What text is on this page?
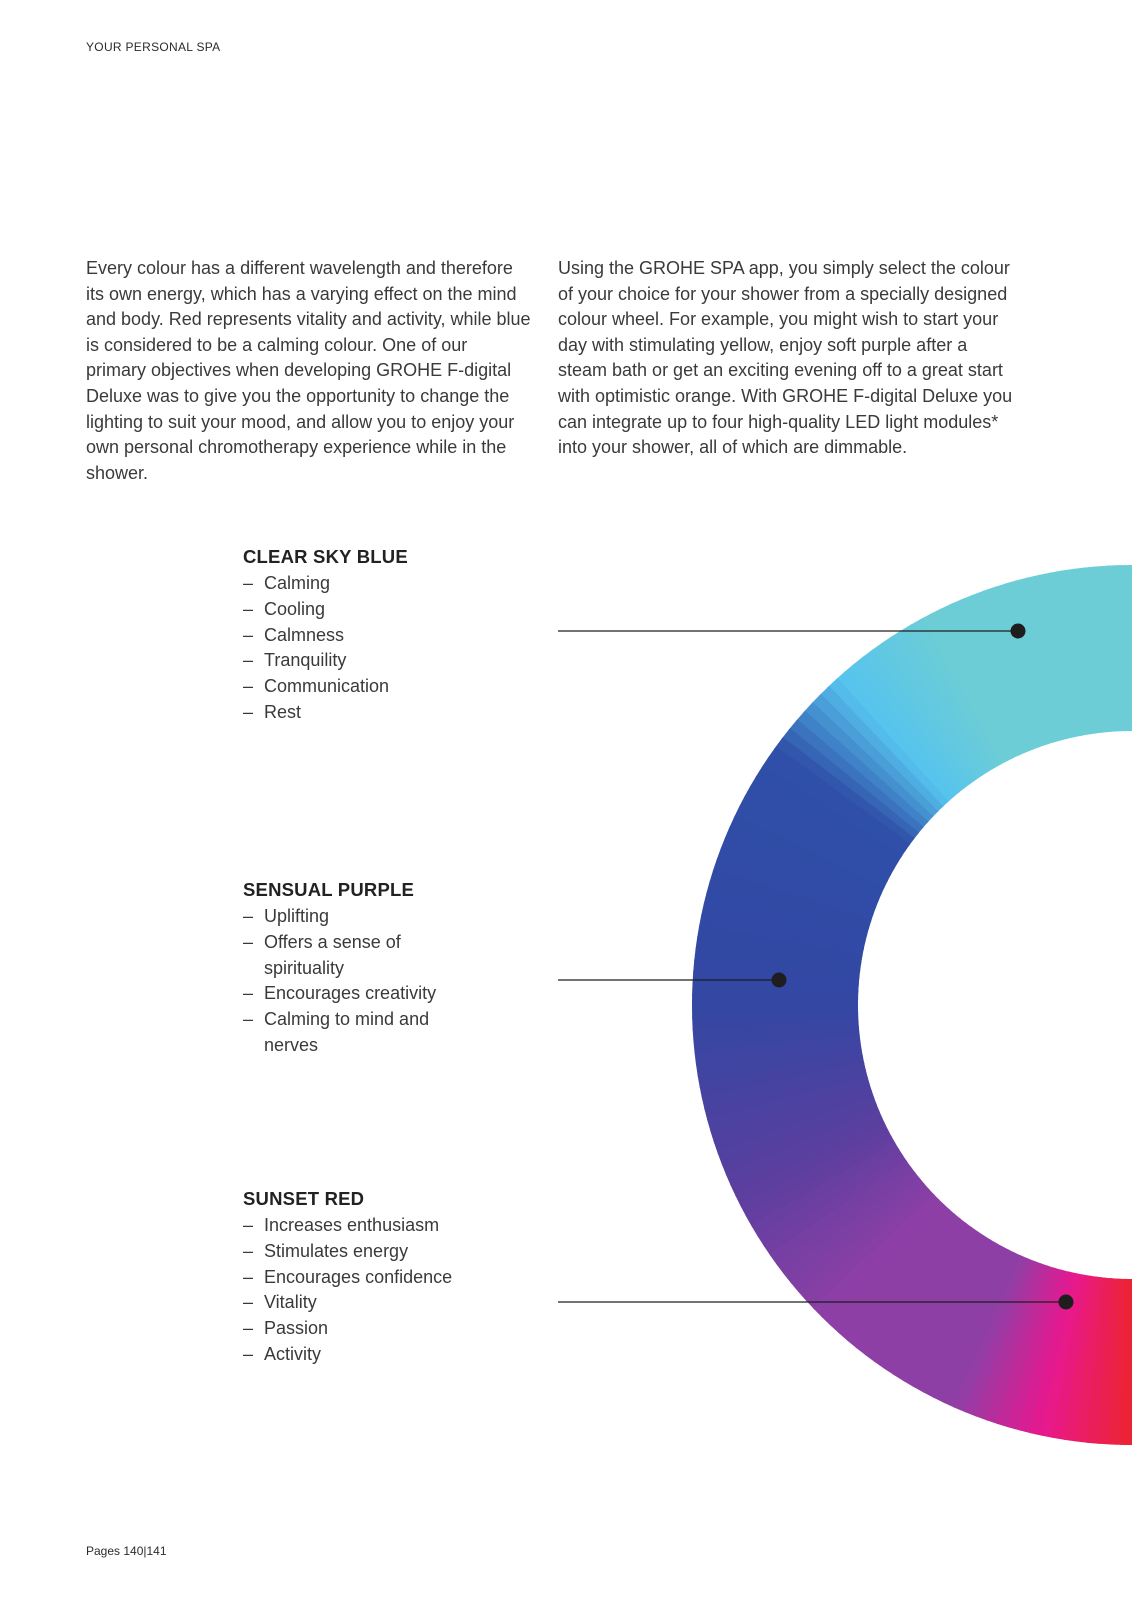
YOUR PERSONAL SPA

Every colour has a different wavelength and therefore its own energy, which has a varying effect on the mind and body. Red represents vitality and activity, while blue is considered to be a calming colour. One of our primary objectives when developing GROHE F-digital Deluxe was to give you the opportunity to change the lighting to suit your mood, and allow you to enjoy your own personal chromotherapy experience while in the shower.

Using the GROHE SPA app, you simply select the colour of your choice for your shower from a specially designed colour wheel. For example, you might wish to start your day with stimulating yellow, enjoy soft purple after a steam bath or get an exciting evening off to a great start with optimistic orange. With GROHE F-digital Deluxe you can integrate up to four high-quality LED light modules* into your shower, all of which are dimmable.

CLEAR SKY BLUE
– Calming
– Cooling
– Calmness
– Tranquility
– Communication
– Rest
SENSUAL PURPLE
– Uplifting
– Offers a sense of spirituality
– Encourages creativity
– Calming to mind and nerves
SUNSET RED
– Increases enthusiasm
– Stimulates energy
– Encourages confidence
– Vitality
– Passion
– Activity
Pages 140|141
